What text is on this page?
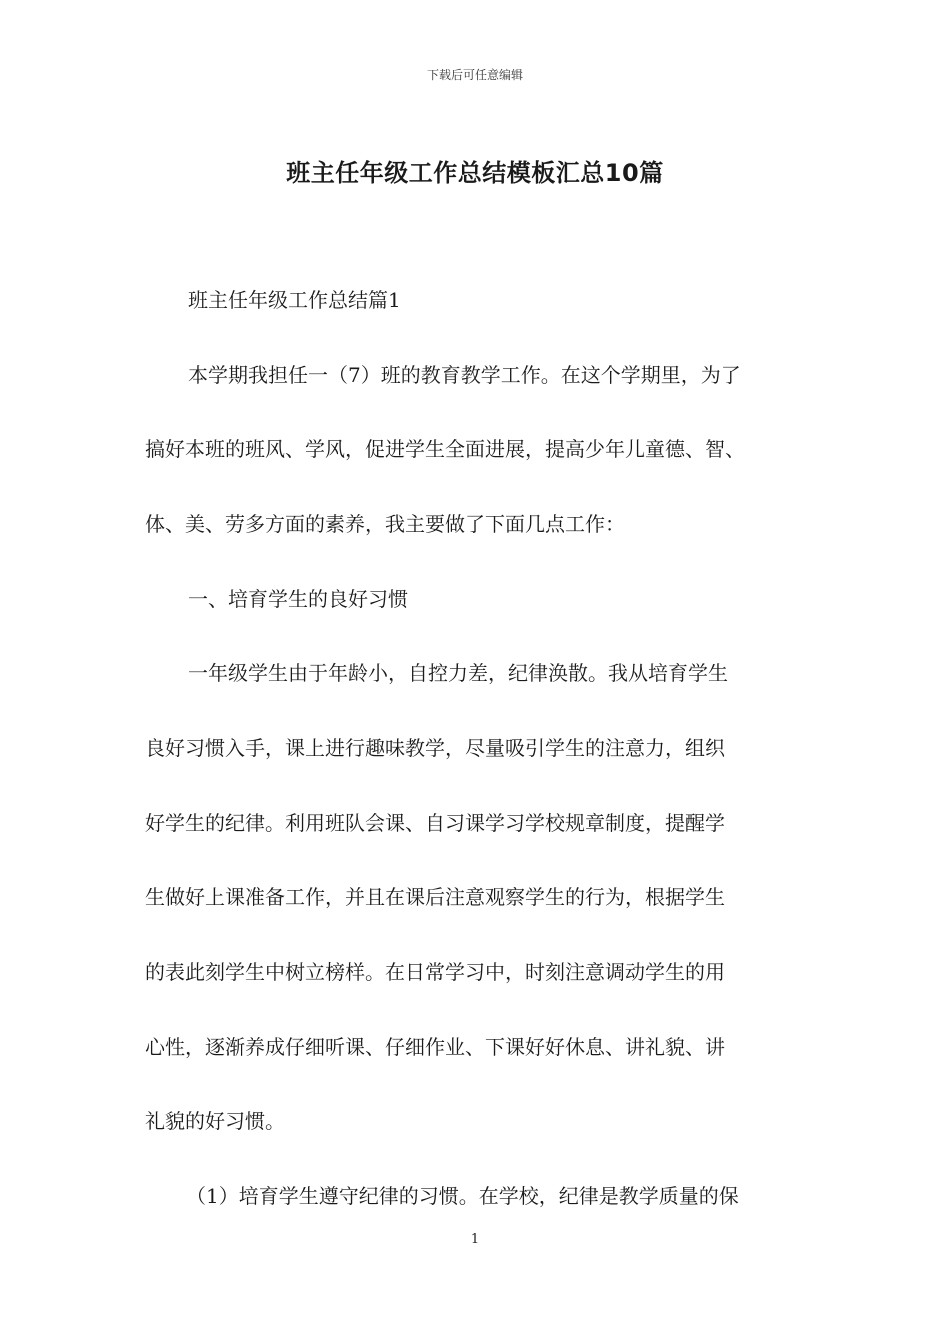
下载后可任意编辑
班主任年级工作总结模板汇总10篇
班主任年级工作总结篇1
本学期我担任一（7）班的教育教学工作。在这个学期里，为了
搞好本班的班风、学风，促进学生全面进展，提高少年儿童德、智、
体、美、劳多方面的素养，我主要做了下面几点工作：
一、培育学生的良好习惯
一年级学生由于年龄小，自控力差，纪律涣散。我从培育学生
良好习惯入手，课上进行趣味教学，尽量吸引学生的注意力，组织
好学生的纪律。利用班队会课、自习课学习学校规章制度，提醒学
生做好上课准备工作，并且在课后注意观察学生的行为，根据学生
的表此刻学生中树立榜样。在日常学习中，时刻注意调动学生的用
心性，逐渐养成仔细听课、仔细作业、下课好好休息、讲礼貌、讲
礼貌的好习惯。
（1）培育学生遵守纪律的习惯。在学校，纪律是教学质量的保
1
